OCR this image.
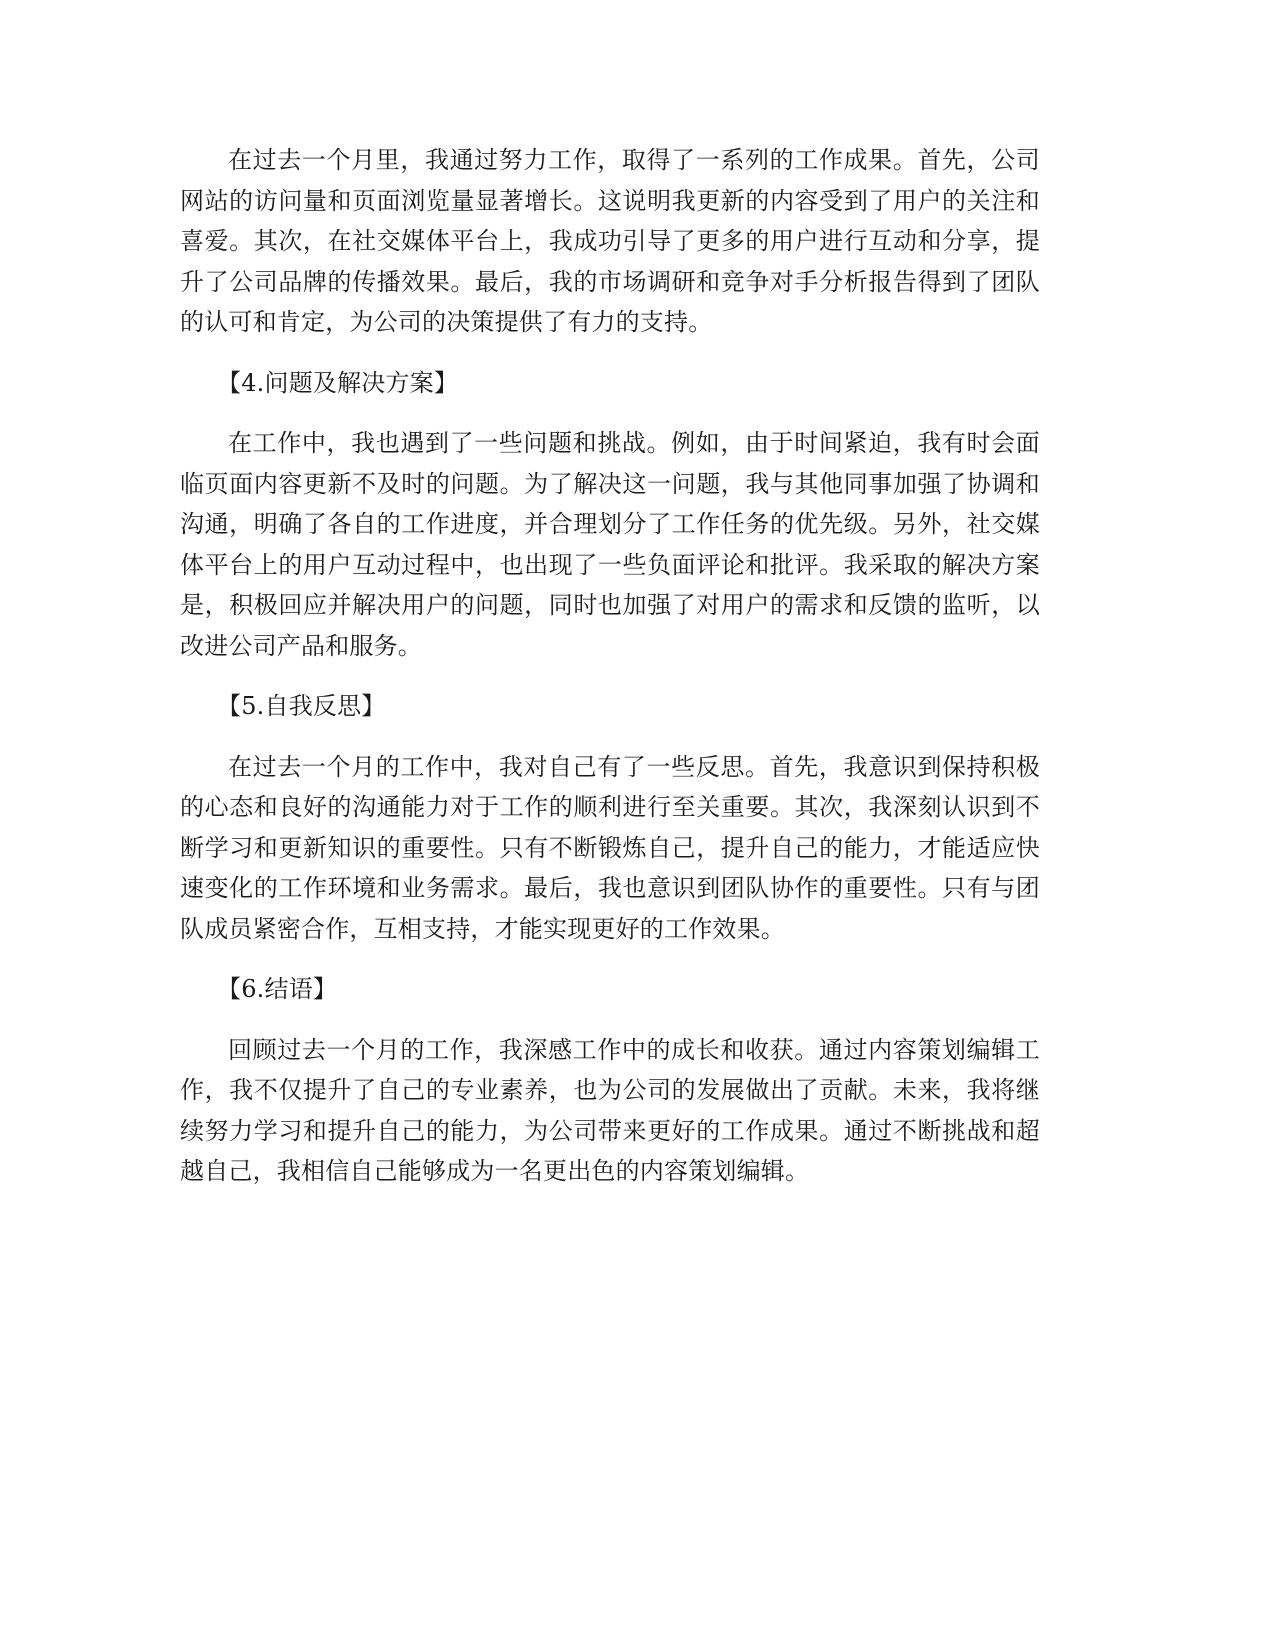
在过去一个月里，我通过努力工作，取得了一系列的工作成果。首先，公司网站的访问量和页面浏览量显著增长。这说明我更新的内容受到了用户的关注和喜爱。其次，在社交媒体平台上，我成功引导了更多的用户进行互动和分享，提升了公司品牌的传播效果。最后，我的市场调研和竞争对手分析报告得到了团队的认可和肯定，为公司的决策提供了有力的支持。

【4.问题及解决方案】

在工作中，我也遇到了一些问题和挑战。例如，由于时间紧迫，我有时会面临页面内容更新不及时的问题。为了解决这一问题，我与其他同事加强了协调和沟通，明确了各自的工作进度，并合理划分了工作任务的优先级。另外，社交媒体平台上的用户互动过程中，也出现了一些负面评论和批评。我采取的解决方案是，积极回应并解决用户的问题，同时也加强了对用户的需求和反馈的监听，以改进公司产品和服务。

【5.自我反思】

在过去一个月的工作中，我对自己有了一些反思。首先，我意识到保持积极的心态和良好的沟通能力对于工作的顺利进行至关重要。其次，我深刻认识到不断学习和更新知识的重要性。只有不断锻炼自己，提升自己的能力，才能适应快速变化的工作环境和业务需求。最后，我也意识到团队协作的重要性。只有与团队成员紧密合作，互相支持，才能实现更好的工作效果。

【6.结语】

回顾过去一个月的工作，我深感工作中的成长和收获。通过内容策划编辑工作，我不仅提升了自己的专业素养，也为公司的发展做出了贡献。未来，我将继续努力学习和提升自己的能力，为公司带来更好的工作成果。通过不断挑战和超越自己，我相信自己能够成为一名更出色的内容策划编辑。
